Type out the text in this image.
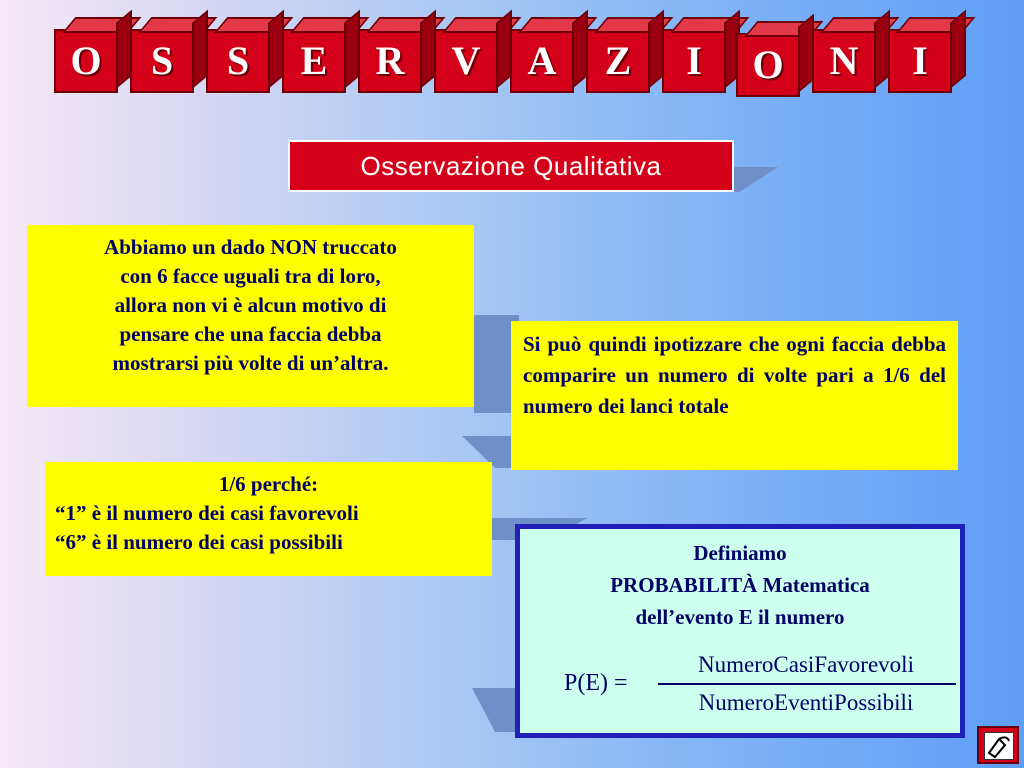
O	S	S	E	R	V	A	Z	I	O	N	I
Osservazione Qualitativa
Abbiamo un dado NON truccato
con 6 facce uguali tra di loro,
allora non vi è alcun motivo di
pensare che una faccia debba
mostrarsi più volte di un’altra.
Si può quindi ipotizzare che ogni faccia debba comparire un numero di volte pari a 1/6 del numero dei lanci totale
1/6 perché:
“1” è il numero dei casi favorevoli
“6” è il numero dei casi possibili	Definiamo
PROBABILITÀ Matematica
dell’evento E il numero
P(E) =
NumeroCasiFavorevoli
NumeroEventiPossibili
